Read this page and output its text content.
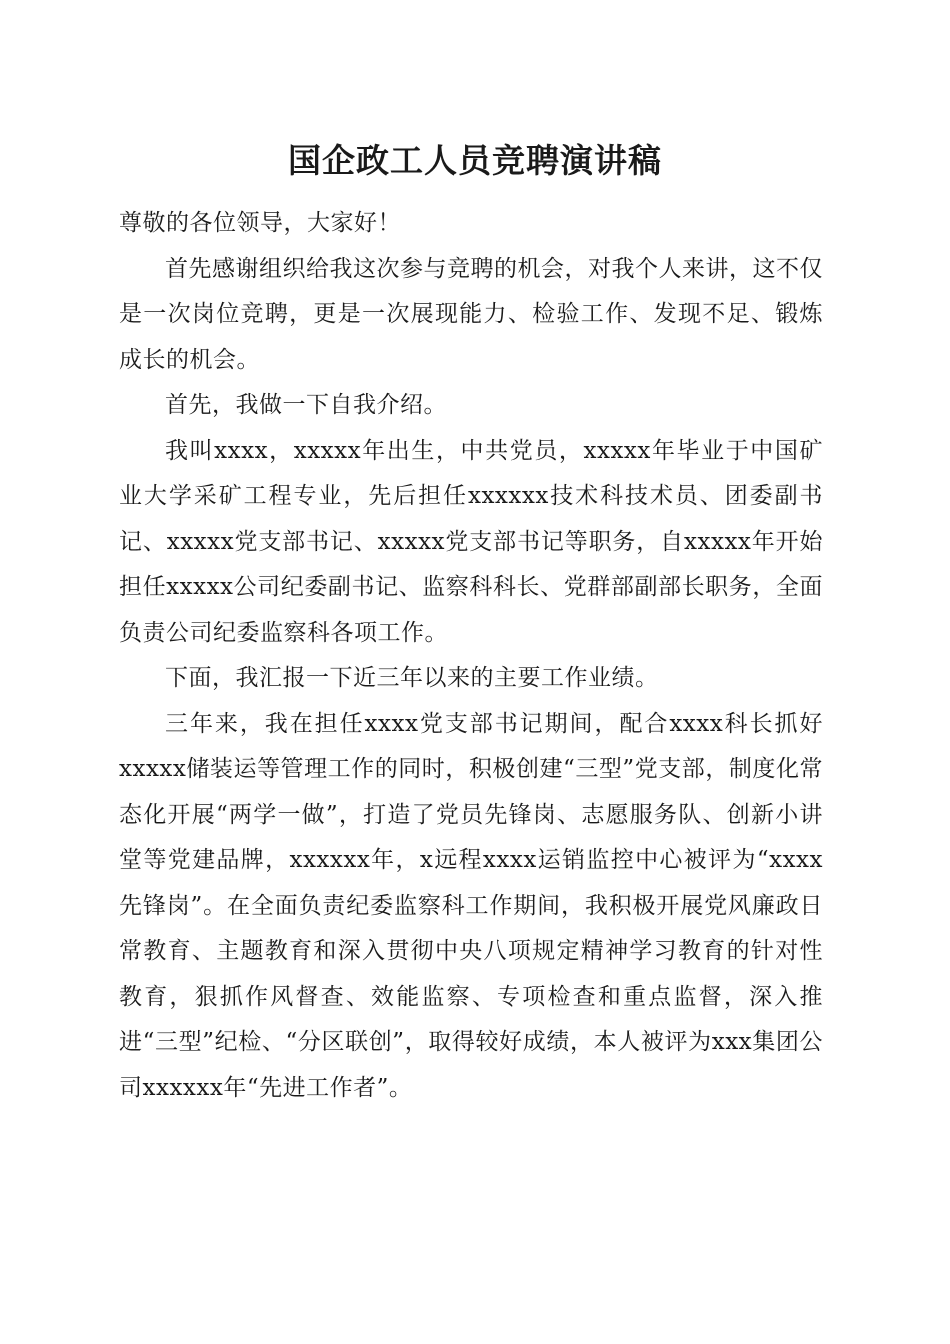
国企政工人员竞聘演讲稿

尊敬的各位领导，大家好！

首先感谢组织给我这次参与竞聘的机会，对我个人来讲，这不仅是一次岗位竞聘，更是一次展现能力、检验工作、发现不足、锻炼成长的机会。

首先，我做一下自我介绍。

我叫xxxx，xxxxx年出生，中共党员，xxxxx年毕业于中国矿业大学采矿工程专业，先后担任xxxxxx技术科技术员、团委副书记、xxxxx党支部书记、xxxxx党支部书记等职务，自xxxxx年开始担任xxxxx公司纪委副书记、监察科科长、党群部副部长职务，全面负责公司纪委监察科各项工作。

下面，我汇报一下近三年以来的主要工作业绩。

三年来，我在担任xxxx党支部书记期间，配合xxxx科长抓好xxxxx储装运等管理工作的同时，积极创建“三型”党支部，制度化常态化开展“两学一做”，打造了党员先锋岗、志愿服务队、创新小讲堂等党建品牌，xxxxxx年，x远程xxxx运销监控中心被评为“xxxx先锋岗”。在全面负责纪委监察科工作期间，我积极开展党风廉政日常教育、主题教育和深入贯彻中央八项规定精神学习教育的针对性教育，狠抓作风督查、效能监察、专项检查和重点监督，深入推进“三型”纪检、“分区联创”，取得较好成绩，本人被评为xxx集团公司xxxxxx年“先进工作者”。
